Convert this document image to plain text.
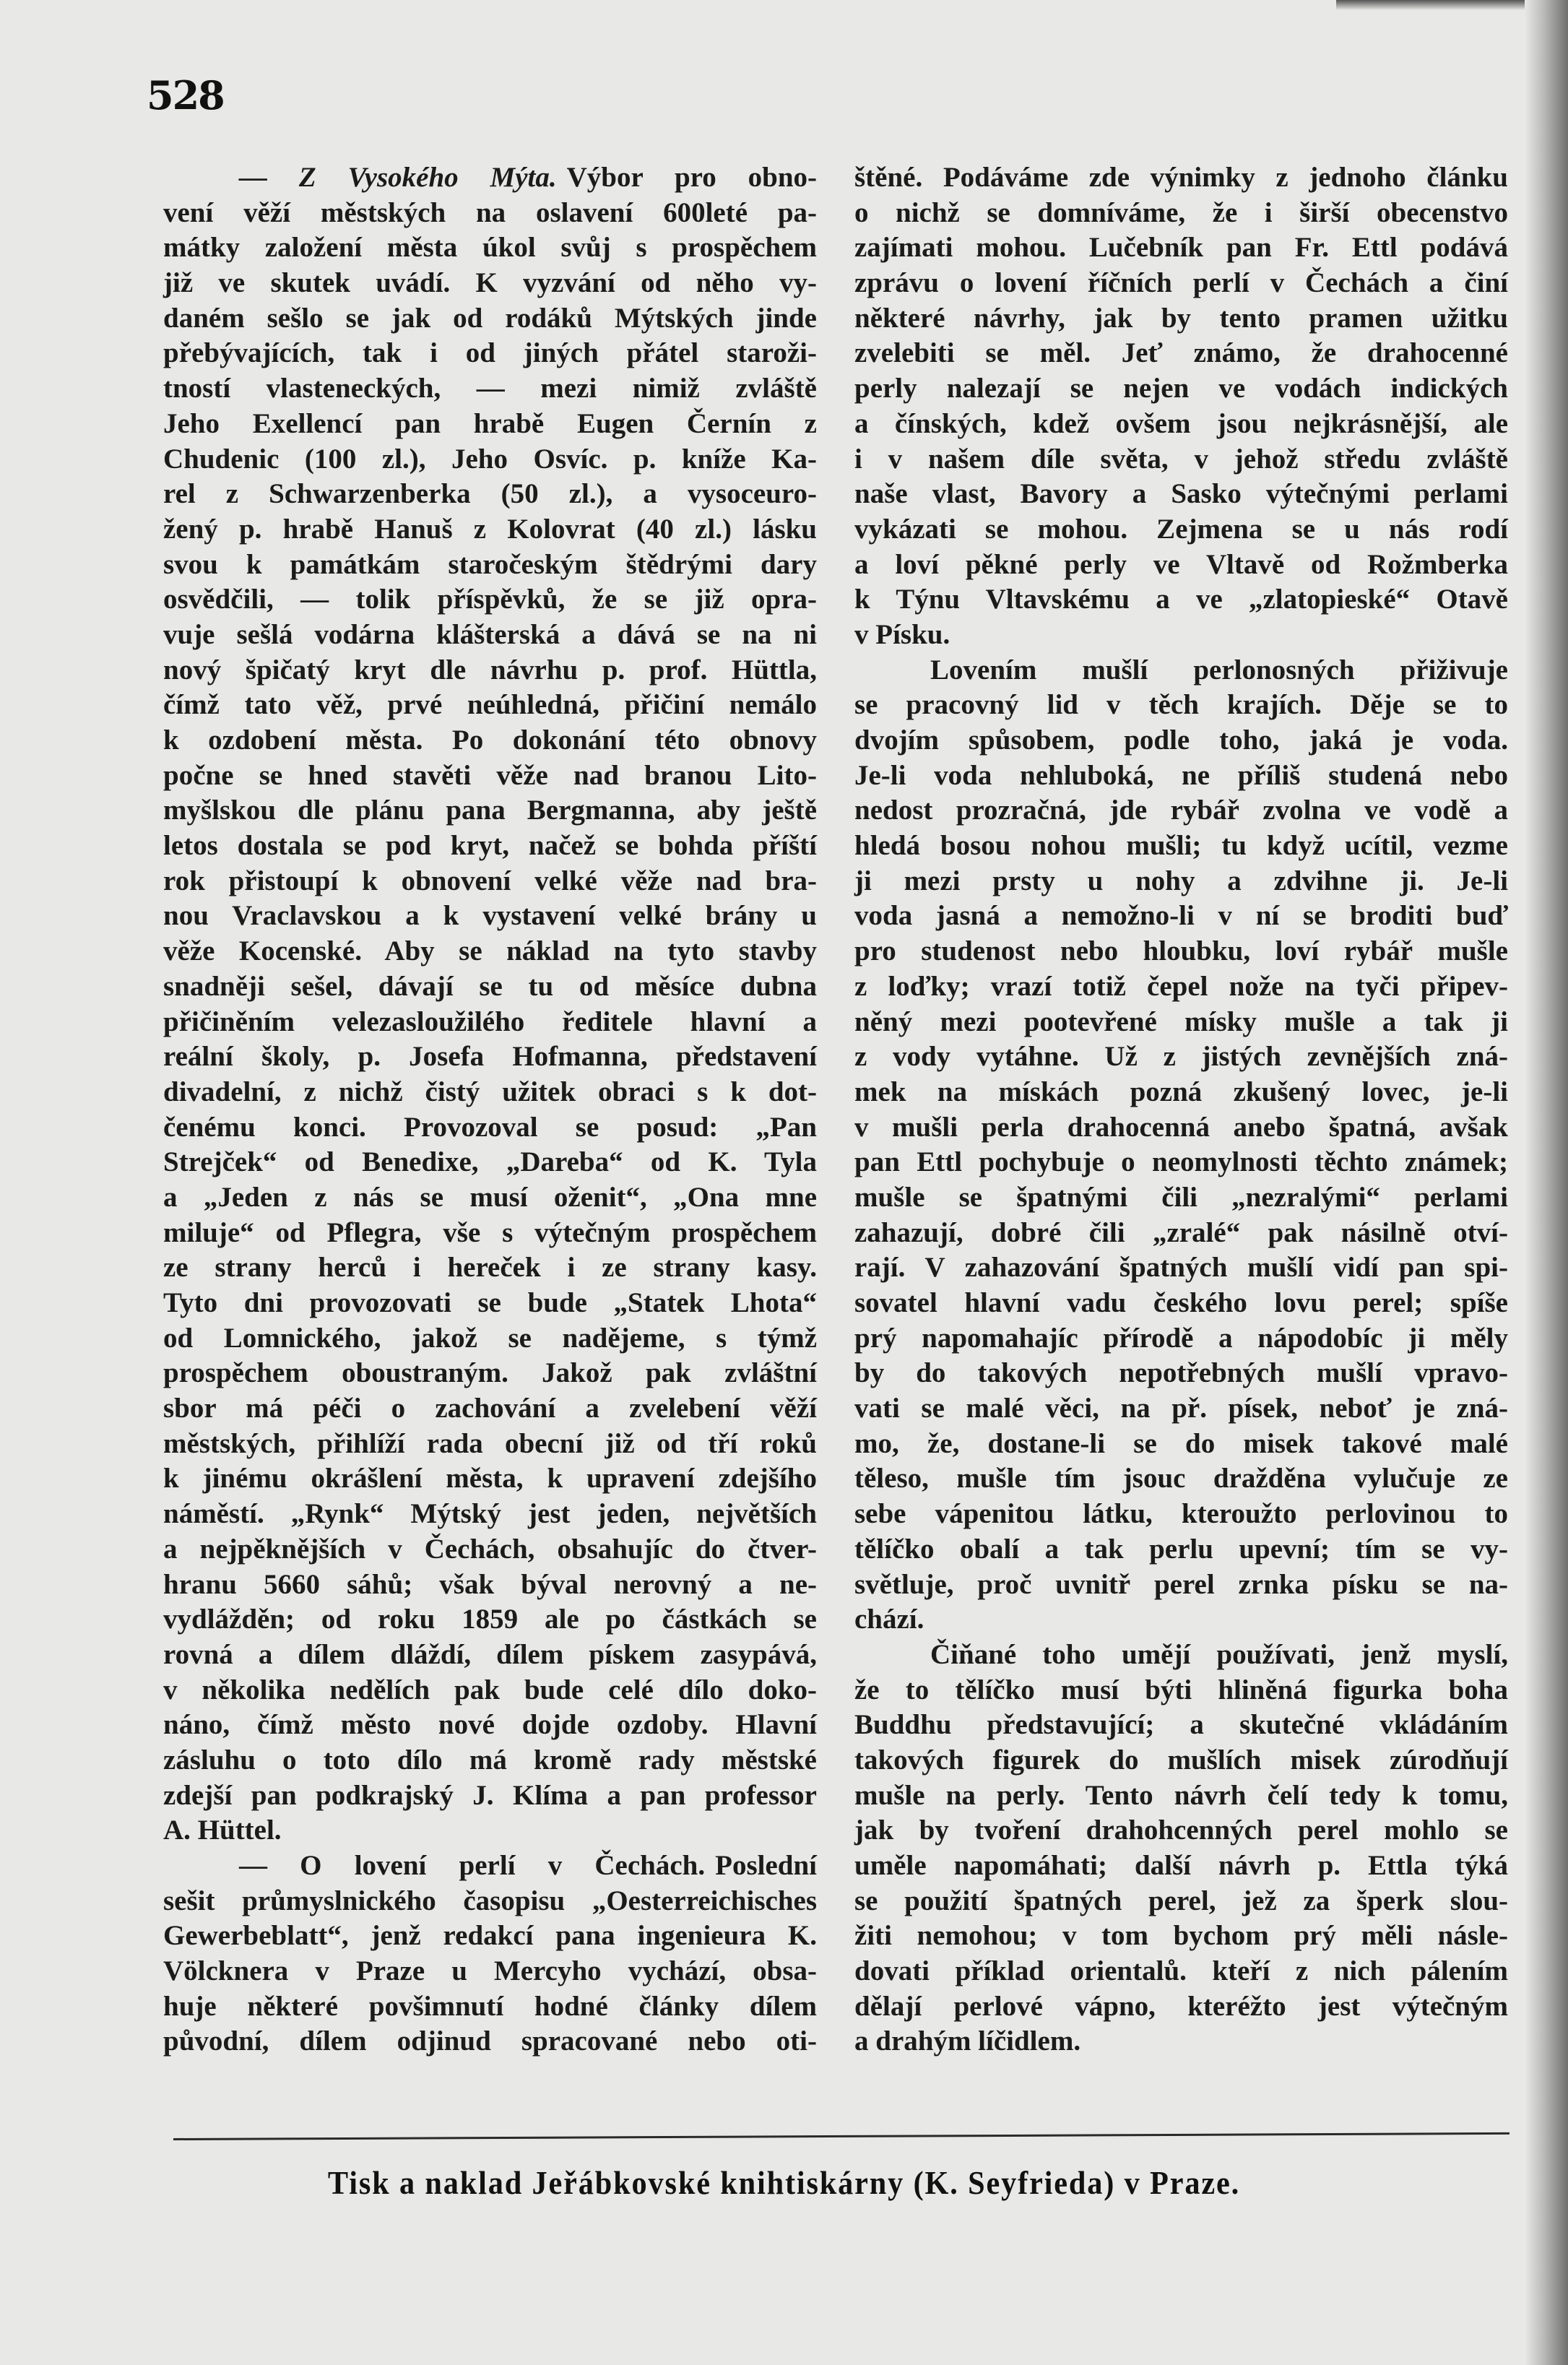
528
— Z Vysokého Mýta. Výbor pro obno-
vení věží městských na oslavení 600leté pa-
mátky založení města úkol svůj s prospěchem
již ve skutek uvádí. K vyzvání od něho vy-
daném sešlo se jak od rodáků Mýtských jinde
přebývajících, tak i od jiných přátel staroži-
tností vlasteneckých, — mezi nimiž zvláště
Jeho Exellencí pan hrabě Eugen Černín z
Chudenic (100 zl.), Jeho Osvíc. p. kníže Ka-
rel z Schwarzenberka (50 zl.), a vysoceuro-
žený p. hrabě Hanuš z Kolovrat (40 zl.) lásku
svou k památkám staročeským štědrými dary
osvědčili, — tolik příspěvků, že se již opra-
vuje sešlá vodárna klášterská a dává se na ni
nový špičatý kryt dle návrhu p. prof. Hüttla,
čímž tato věž, prvé neúhledná, přičiní nemálo
k ozdobení města. Po dokonání této obnovy
počne se hned stavěti věže nad branou Lito-
myšlskou dle plánu pana Bergmanna, aby ještě
letos dostala se pod kryt, načež se bohda příští
rok přistoupí k obnovení velké věže nad bra-
nou Vraclavskou a k vystavení velké brány u
věže Kocenské. Aby se náklad na tyto stavby
snadněji sešel, dávají se tu od měsíce dubna
přičiněním velezasloužilého ředitele hlavní a
reální školy, p. Josefa Hofmanna, představení
divadelní, z nichž čistý užitek obraci s k dot-
čenému konci. Provozoval se posud: „Pan
Strejček“ od Benedixe, „Dareba“ od K. Tyla
a „Jeden z nás se musí oženit“, „Ona mne
miluje“ od Pflegra, vše s výtečným prospěchem
ze strany herců i hereček i ze strany kasy.
Tyto dni provozovati se bude „Statek Lhota“
od Lomnického, jakož se nadějeme, s týmž
prospěchem oboustraným. Jakož pak zvláštní
sbor má péči o zachování a zvelebení věží
městských, přihlíží rada obecní již od tří roků
k jinému okrášlení města, k upravení zdejšího
náměstí. „Rynk“ Mýtský jest jeden, největších
a nejpěknějších v Čechách, obsahujíc do čtver-
hranu 5660 sáhů; však býval nerovný a ne-
vydlážděn; od roku 1859 ale po částkách se
rovná a dílem dláždí, dílem pískem zasypává,
v několika nedělích pak bude celé dílo doko-
náno, čímž město nové dojde ozdoby. Hlavní
zásluhu o toto dílo má kromě rady městské
zdejší pan podkrajský J. Klíma a pan professor
A. Hüttel.
— O lovení perlí v Čechách. Poslední
sešit průmyslnického časopisu „Oesterreichisches
Gewerbeblatt“, jenž redakcí pana ingenieura K.
Völcknera v Praze u Mercyho vychází, obsa-
huje některé povšimnutí hodné články dílem
původní, dílem odjinud spracované nebo oti-
štěné. Podáváme zde výnimky z jednoho článku
o nichž se domníváme, že i širší obecenstvo
zajímati mohou. Lučebník pan Fr. Ettl podává
zprávu o lovení říčních perlí v Čechách a činí
některé návrhy, jak by tento pramen užitku
zvelebiti se měl. Jeť známo, že drahocenné
perly nalezají se nejen ve vodách indických
a čínských, kdež ovšem jsou nejkrásnější, ale
i v našem díle světa, v jehož středu zvláště
naše vlast, Bavory a Sasko výtečnými perlami
vykázati se mohou. Zejmena se u nás rodí
a loví pěkné perly ve Vltavě od Rožmberka
k Týnu Vltavskému a ve „zlatopieské“ Otavě
v Písku.
Lovením mušlí perlonosných přiživuje
se pracovný lid v těch krajích. Děje se to
dvojím spůsobem, podle toho, jaká je voda.
Je-li voda nehluboká, ne příliš studená nebo
nedost prozračná, jde rybář zvolna ve vodě a
hledá bosou nohou mušli; tu když ucítil, vezme
ji mezi prsty u nohy a zdvihne ji. Je-li
voda jasná a nemožno-li v ní se broditi buď
pro studenost nebo hloubku, loví rybář mušle
z loďky; vrazí totiž čepel nože na tyči připev-
něný mezi pootevřené mísky mušle a tak ji
z vody vytáhne. Už z jistých zevnějších zná-
mek na mískách pozná zkušený lovec, je-li
v mušli perla drahocenná anebo špatná, avšak
pan Ettl pochybuje o neomylnosti těchto známek;
mušle se špatnými čili „nezralými“ perlami
zahazují, dobré čili „zralé“ pak násilně otví-
rají. V zahazování špatných mušlí vidí pan spi-
sovatel hlavní vadu českého lovu perel; spíše
prý napomahajíc přírodě a nápodobíc ji měly
by do takových nepotřebných mušlí vpravo-
vati se malé věci, na př. písek, neboť je zná-
mo, že, dostane-li se do misek takové malé
těleso, mušle tím jsouc dražděna vylučuje ze
sebe vápenitou látku, kteroužto perlovinou to
tělíčko obalí a tak perlu upevní; tím se vy-
světluje, proč uvnitř perel zrnka písku se na-
chází.
Čiňané toho umějí používati, jenž myslí,
že to tělíčko musí býti hliněná figurka boha
Buddhu představující; a skutečné vkládáním
takových figurek do mušlích misek zúrodňují
mušle na perly. Tento návrh čelí tedy k tomu,
jak by tvoření drahohcenných perel mohlo se
uměle napomáhati; další návrh p. Ettla týká
se použití špatných perel, jež za šperk slou-
žiti nemohou; v tom bychom prý měli násle-
dovati příklad orientalů. kteří z nich pálením
dělají perlové vápno, kteréžto jest výtečným
a drahým líčidlem.
Tisk a naklad Jeřábkovské knihtiskárny (K. Seyfrieda) v Praze.
